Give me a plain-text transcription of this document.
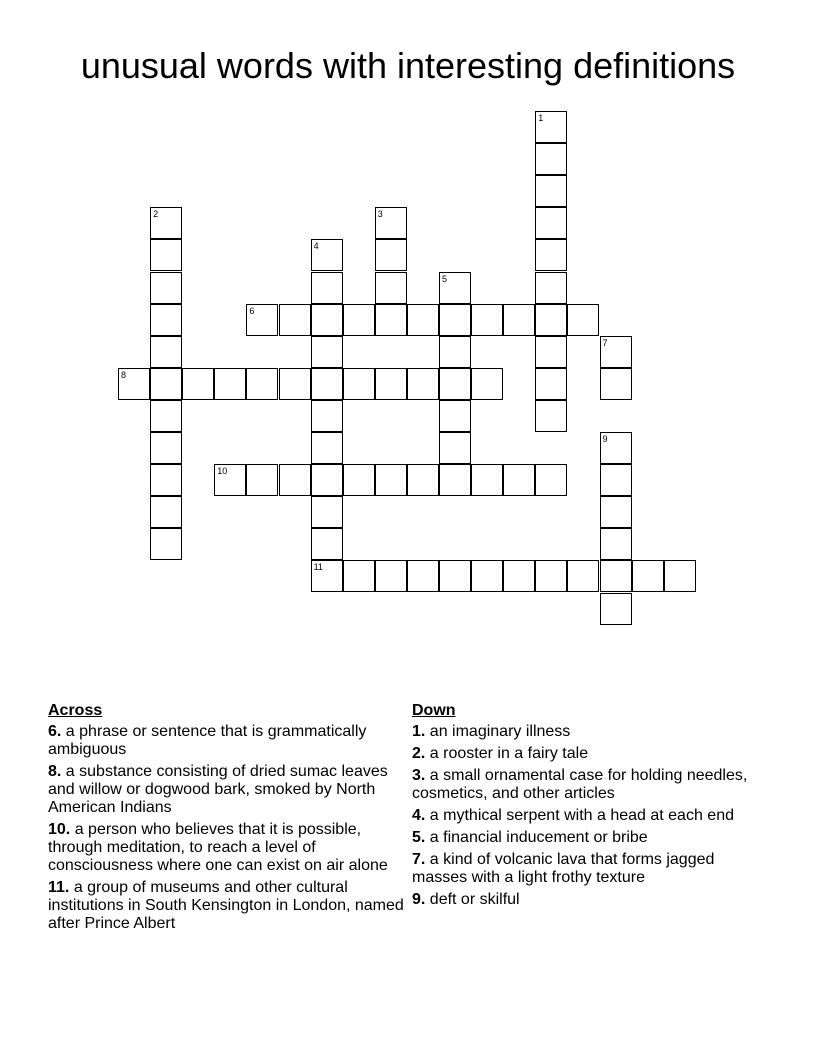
unusual words with interesting definitions
1
2	3
4
5
6
7
8
9
10
11
Across
6. a phrase or sentence that is grammatically ambiguous
8. a substance consisting of dried sumac leaves and willow or dogwood bark, smoked by North American Indians
10. a person who believes that it is possible, through meditation, to reach a level of consciousness where one can exist on air alone
11. a group of museums and other cultural institutions in South Kensington in London, named after Prince Albert
Down
1. an imaginary illness
2. a rooster in a fairy tale
3. a small ornamental case for holding needles, cosmetics, and other articles
4. a mythical serpent with a head at each end
5. a financial inducement or bribe
7. a kind of volcanic lava that forms jagged masses with a light frothy texture
9. deft or skilful
